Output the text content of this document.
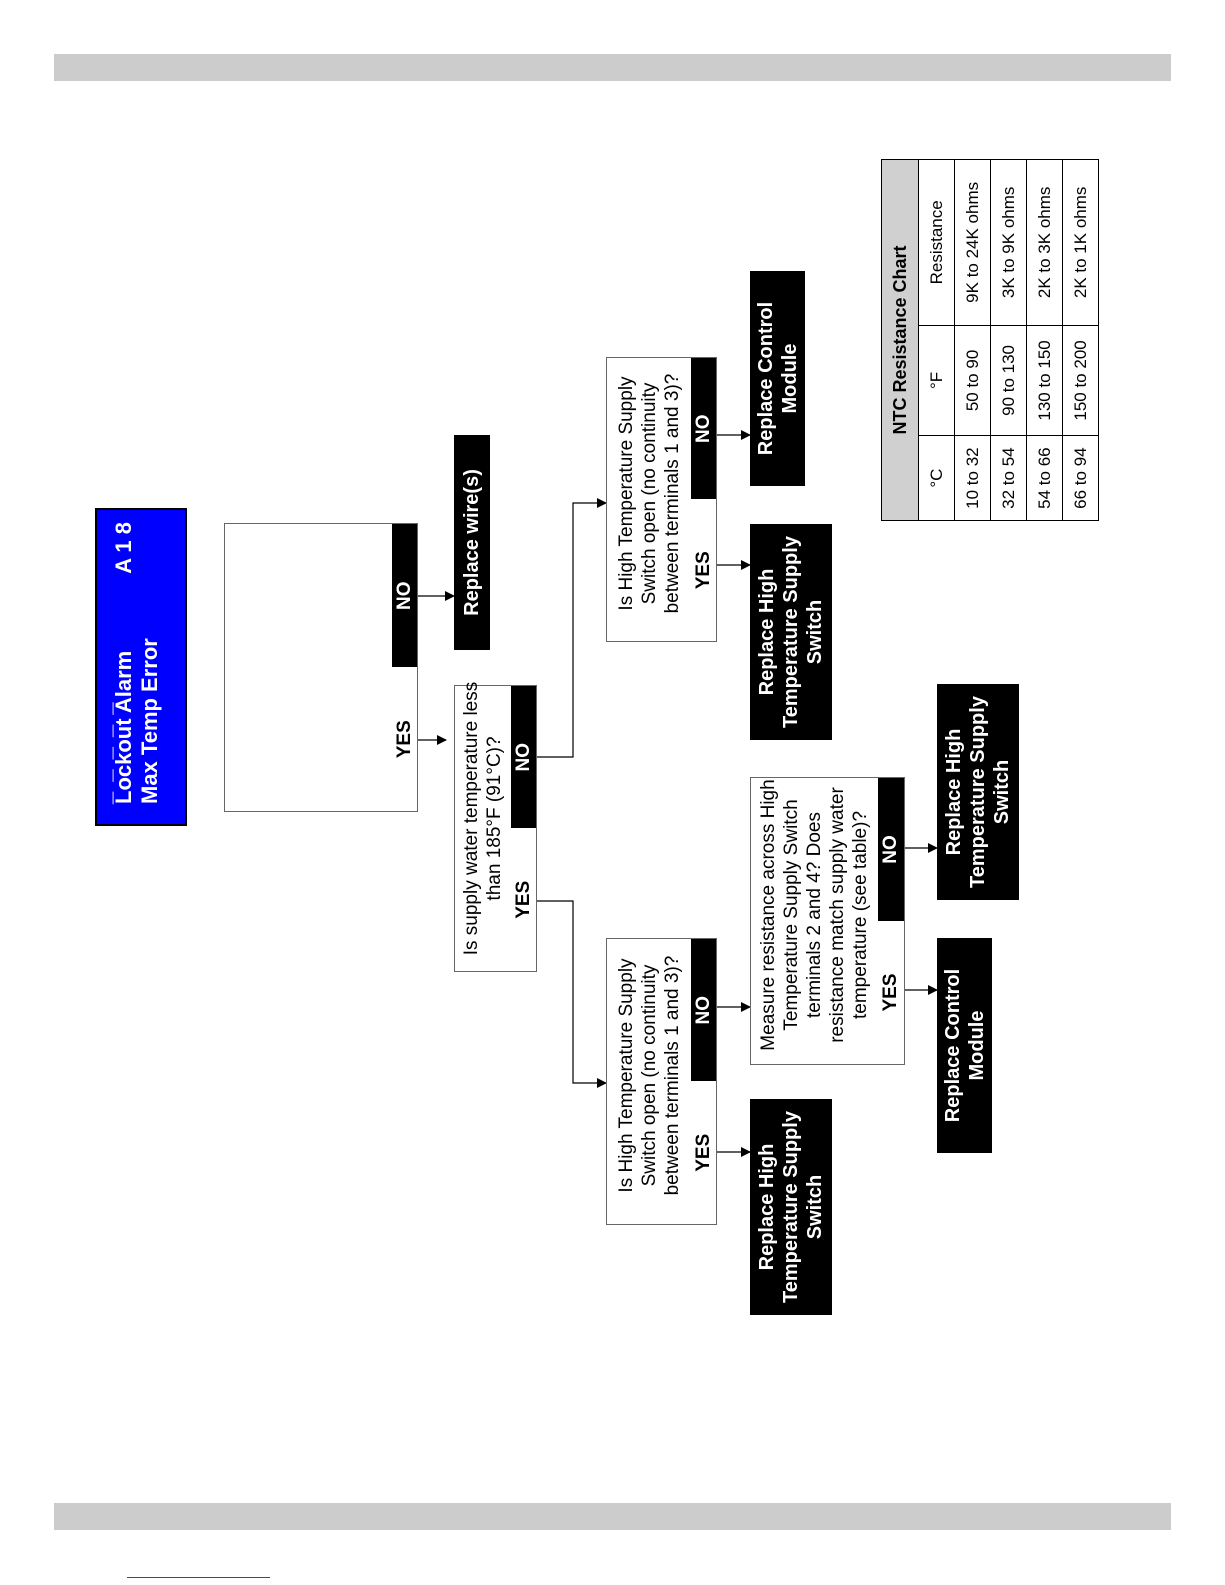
_ _ _ _ _
Lockout Alarm
A 1 8
Max Temp Error	YES
NO	Replace wire(s)
Is supply water temperature less than 185°F (91°C)? YES
NO
Is High Temperature Supply Switch open (no continuity between terminals 1 and 3)? YES
NO
Replace High Temperature Supply Switch
Replace Control Module
Is High Temperature Supply Switch open (no continuity between terminals 1 and 3)? YES
NO
Replace High Temperature Supply Switch
Measure resistance across High Temperature Supply Switch terminals 2 and 4? Does resistance match supply water temperature (see table)? YES
NO
Replace Control Module
Replace High Temperature Supply Switch
NTC Resistance Chart		
°C	°F	Resistance
10 to 32	50 to 90	9K to 24K ohms
32 to 54	90 to 130	3K to 9K ohms
54 to 66	130 to 150	2K to 3K ohms
66 to 94	150 to 200	2K to 1K ohms
